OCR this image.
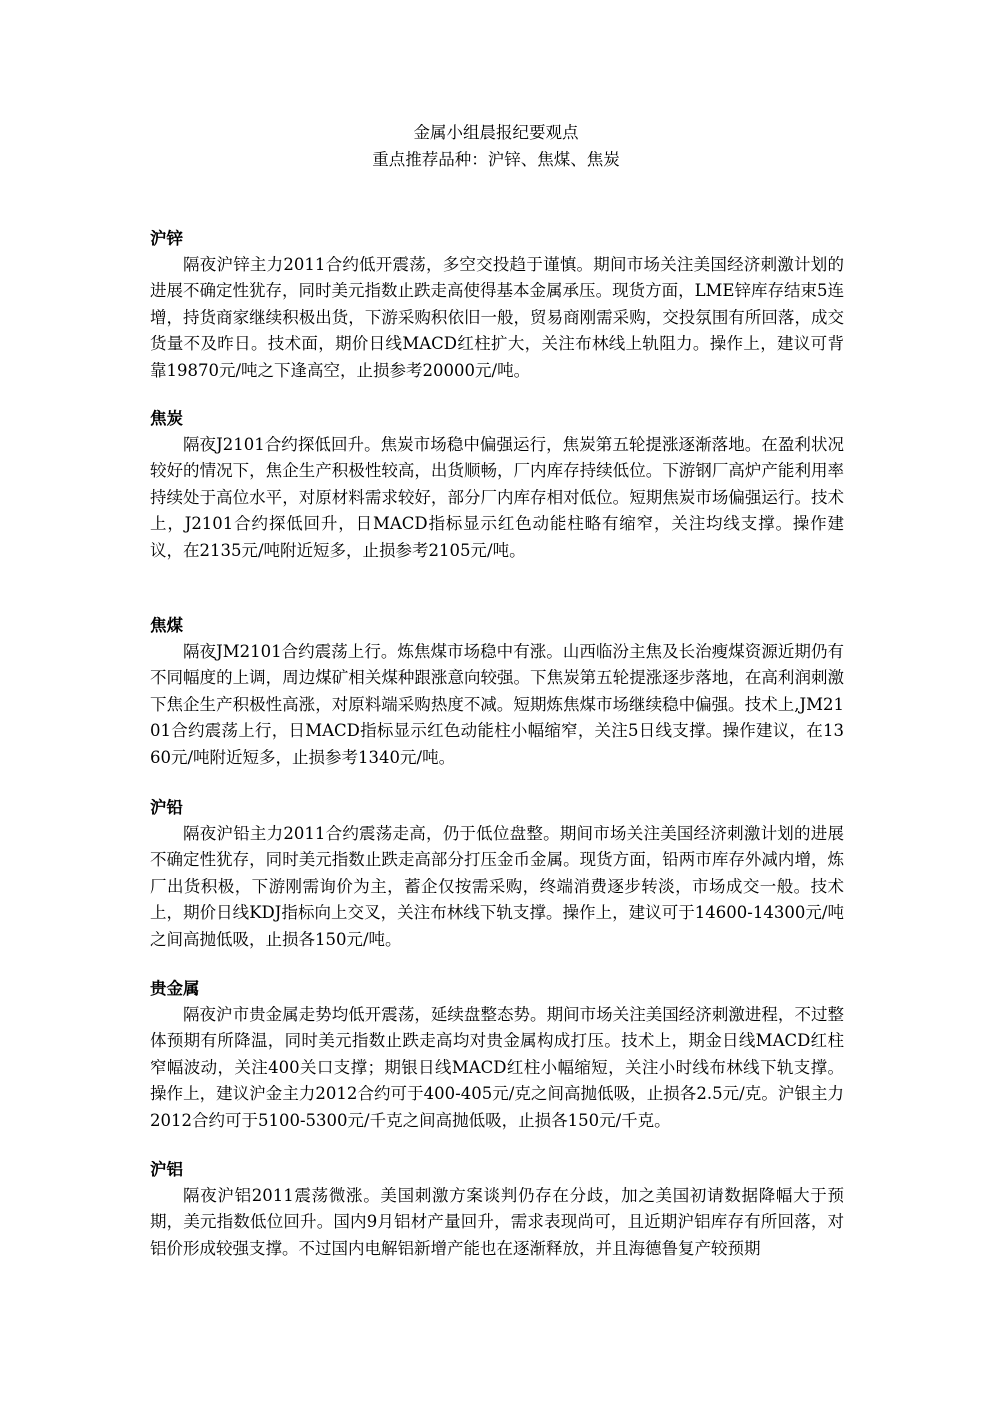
金属小组晨报纪要观点
重点推荐品种：沪锌、焦煤、焦炭
沪锌

隔夜沪锌主力2011合约低开震荡，多空交投趋于谨慎。期间市场关注美国经济刺激计划的进展不确定性犹存，同时美元指数止跌走高使得基本金属承压。现货方面，LME锌库存结束5连增，持货商家继续积极出货，下游采购积依旧一般，贸易商刚需采购，交投氛围有所回落，成交货量不及昨日。技术面，期价日线MACD红柱扩大，关注布林线上轨阻力。操作上，建议可背靠19870元/吨之下逢高空，止损参考20000元/吨。

焦炭

隔夜J2101合约探低回升。焦炭市场稳中偏强运行，焦炭第五轮提涨逐渐落地。在盈利状况较好的情况下，焦企生产积极性较高，出货顺畅，厂内库存持续低位。下游钢厂高炉产能利用率持续处于高位水平，对原材料需求较好，部分厂内库存相对低位。短期焦炭市场偏强运行。技术上，J2101合约探低回升，日MACD指标显示红色动能柱略有缩窄，关注均线支撑。操作建议，在2135元/吨附近短多，止损参考2105元/吨。

焦煤

隔夜JM2101合约震荡上行。炼焦煤市场稳中有涨。山西临汾主焦及长治瘦煤资源近期仍有不同幅度的上调，周边煤矿相关煤种跟涨意向较强。下焦炭第五轮提涨逐步落地，在高利润刺激下焦企生产积极性高涨，对原料端采购热度不减。短期炼焦煤市场继续稳中偏强。技术上,JM2101合约震荡上行，日MACD指标显示红色动能柱小幅缩窄，关注5日线支撑。操作建议，在1360元/吨附近短多，止损参考1340元/吨。

沪铅

隔夜沪铅主力2011合约震荡走高，仍于低位盘整。期间市场关注美国经济刺激计划的进展不确定性犹存，同时美元指数止跌走高部分打压金币金属。现货方面，铅两市库存外减内增，炼厂出货积极，下游刚需询价为主，蓄企仅按需采购，终端消费逐步转淡，市场成交一般。技术上，期价日线KDJ指标向上交叉，关注布林线下轨支撑。操作上，建议可于14600-14300元/吨之间高抛低吸，止损各150元/吨。

贵金属

隔夜沪市贵金属走势均低开震荡，延续盘整态势。期间市场关注美国经济刺激进程，不过整体预期有所降温，同时美元指数止跌走高均对贵金属构成打压。技术上，期金日线MACD红柱窄幅波动，关注400关口支撑；期银日线MACD红柱小幅缩短，关注小时线布林线下轨支撑。操作上，建议沪金主力2012合约可于400-405元/克之间高抛低吸，止损各2.5元/克。沪银主力2012合约可于5100-5300元/千克之间高抛低吸，止损各150元/千克。

沪铝

隔夜沪铝2011震荡微涨。美国刺激方案谈判仍存在分歧，加之美国初请数据降幅大于预期，美元指数低位回升。国内9月铝材产量回升，需求表现尚可，且近期沪铝库存有所回落，对铝价形成较强支撑。不过国内电解铝新增产能也在逐渐释放，并且海德鲁复产较预期
